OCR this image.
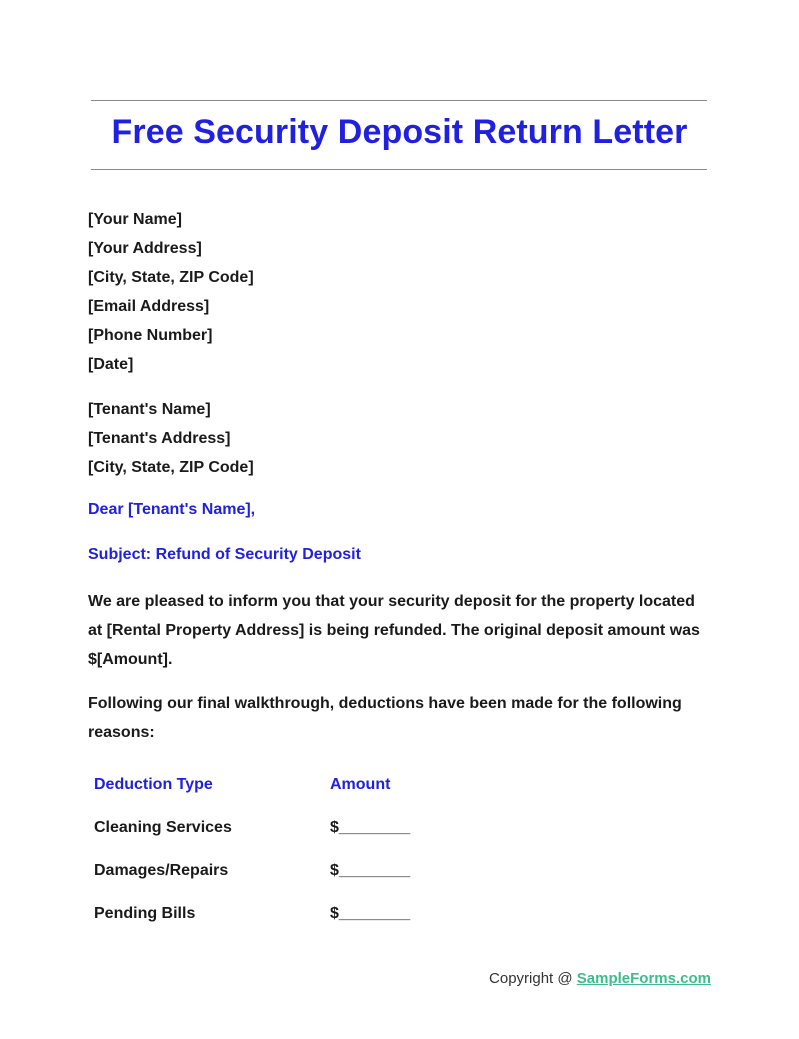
Free Security Deposit Return Letter
[Your Name]
[Your Address]
[City, State, ZIP Code]
[Email Address]
[Phone Number]
[Date]
[Tenant's Name]
[Tenant's Address]
[City, State, ZIP Code]
Dear [Tenant's Name],
Subject: Refund of Security Deposit
We are pleased to inform you that your security deposit for the property located at [Rental Property Address] is being refunded. The original deposit amount was $[Amount].
Following our final walkthrough, deductions have been made for the following reasons:
Deduction Type	Amount
Cleaning Services	$________
Damages/Repairs	$________
Pending Bills	$________
Copyright @ SampleForms.com
